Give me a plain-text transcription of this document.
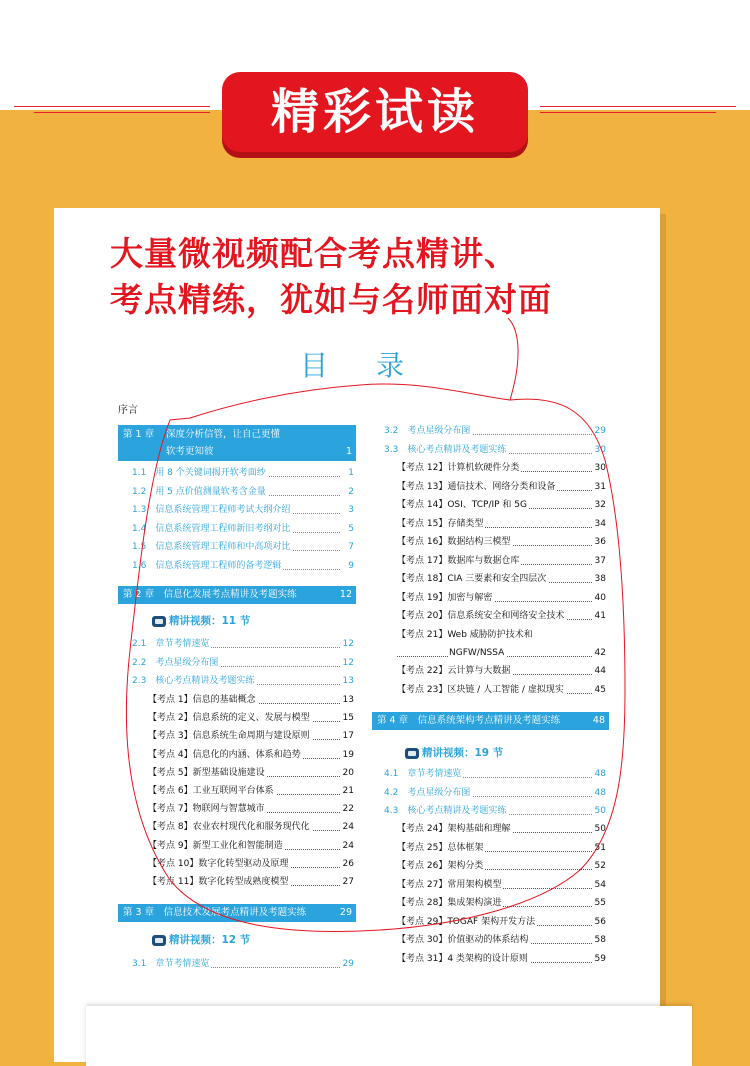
精彩试读
大量微视频配合考点精讲、
考点精练，犹如与名师面对面
目录
序言
第 1 章 深度分析信管，让自己更懂
软考更知彼	1
1.1　用 8 个关键词揭开软考面纱	1
1.2　用 5 点价值测量软考含金量	2
1.3　信息系统管理工程师考试大纲介绍	3
1.4　信息系统管理工程师新旧考纲对比	5
1.5　信息系统管理工程师和中高项对比	7
1.6　信息系统管理工程师的备考逻辑	9
第 2 章　信息化发展考点精讲及考题实练	12
精讲视频：11 节
2.1　章节考情速览	12
2.2　考点星级分布图	12
2.3　核心考点精讲及考题实练	13
【考点 1】信息的基础概念	13
【考点 2】信息系统的定义、发展与模型	15
【考点 3】信息系统生命周期与建设原则	17
【考点 4】信息化的内涵、体系和趋势	19
【考点 5】新型基础设施建设	20
【考点 6】工业互联网平台体系	21
【考点 7】物联网与智慧城市	22
【考点 8】农业农村现代化和服务现代化	24
【考点 9】新型工业化和智能制造	24
【考点 10】数字化转型驱动及原理	26
【考点 11】数字化转型成熟度模型	27
第 3 章　信息技术发展考点精讲及考题实练	29
精讲视频：12 节
3.1　章节考情速览	29
3.2　考点星级分布图	29
3.3　核心考点精讲及考题实练	30
【考点 12】计算机软硬件分类	30
【考点 13】通信技术、网络分类和设备	31
【考点 14】OSI、TCP/IP 和 5G	32
【考点 15】存储类型	34
【考点 16】数据结构三模型	36
【考点 17】数据库与数据仓库	37
【考点 18】CIA 三要素和安全四层次	38
【考点 19】加密与解密	40
【考点 20】信息系统安全和网络安全技术	41
【考点 21】Web 威胁防护技术和
NGFW/NSSA	42
【考点 22】云计算与大数据	44
【考点 23】区块链 / 人工智能 / 虚拟现实	45
第 4 章　信息系统架构考点精讲及考题实练	48
精讲视频：19 节
4.1　章节考情速览	48
4.2　考点星级分布图	48
4.3　核心考点精讲及考题实练	50
【考点 24】架构基础和理解	50
【考点 25】总体框架	51
【考点 26】架构分类	52
【考点 27】常用架构模型	54
【考点 28】集成架构演进	55
【考点 29】TOGAF 架构开发方法	56
【考点 30】价值驱动的体系结构	58
【考点 31】4 类架构的设计原则	59
